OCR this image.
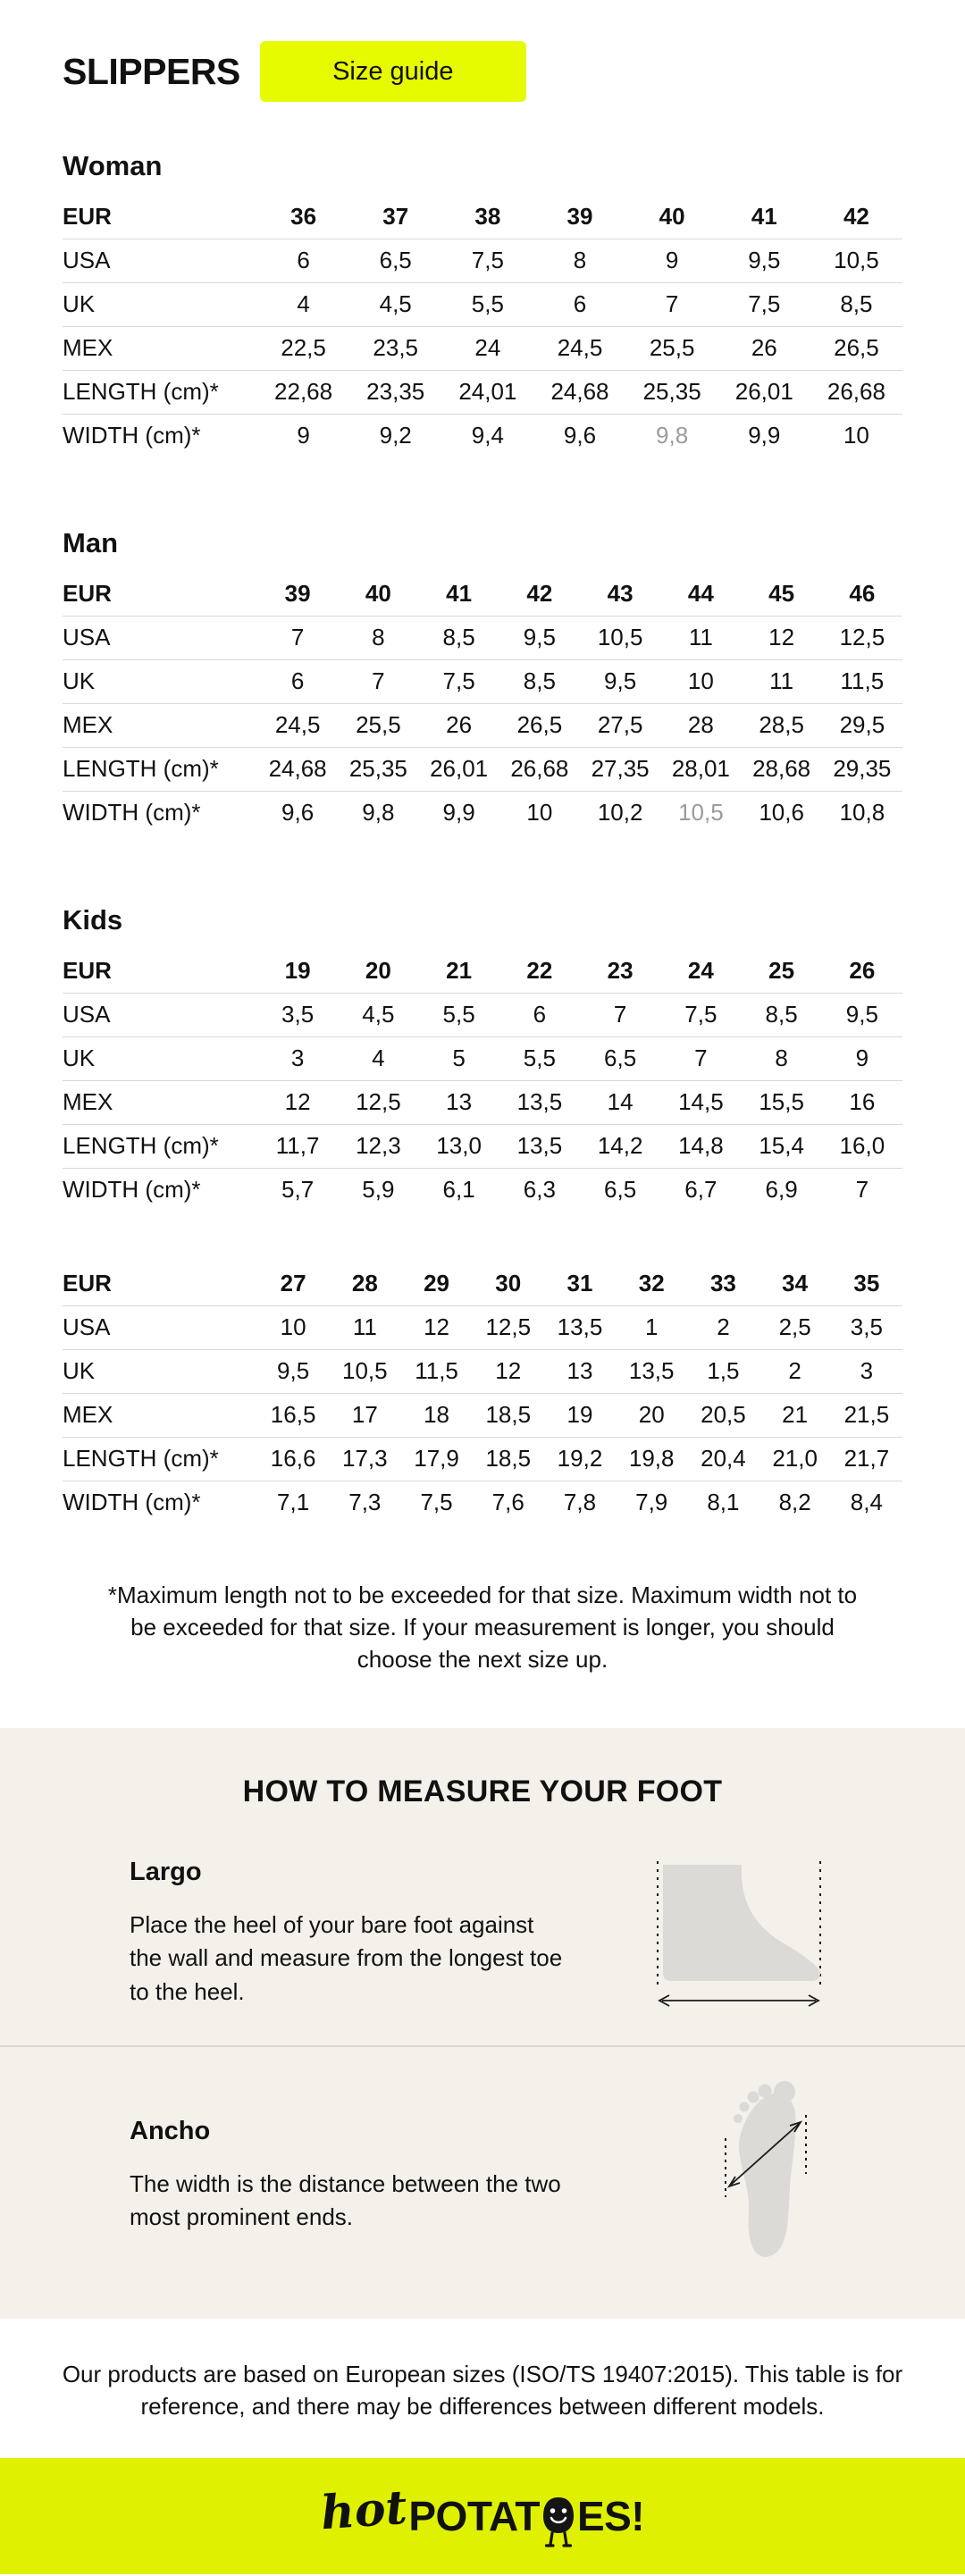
SLIPPERS	Size guide
Woman
EUR	36	37	38	39	40	41	42
USA	6	6,5	7,5	8	9	9,5	10,5
UK	4	4,5	5,5	6	7	7,5	8,5
MEX	22,5	23,5	24	24,5	25,5	26	26,5
LENGTH (cm)*	22,68	23,35	24,01	24,68	25,35	26,01	26,68
WIDTH (cm)*	9	9,2	9,4	9,6	9,8	9,9	10
Man
EUR	39	40	41	42	43	44	45	46
USA	7	8	8,5	9,5	10,5	11	12	12,5
UK	6	7	7,5	8,5	9,5	10	11	11,5
MEX	24,5	25,5	26	26,5	27,5	28	28,5	29,5
LENGTH (cm)*	24,68	25,35	26,01	26,68	27,35	28,01	28,68	29,35
WIDTH (cm)*	9,6	9,8	9,9	10	10,2	10,5	10,6	10,8
Kids
EUR	19	20	21	22	23	24	25	26
USA	3,5	4,5	5,5	6	7	7,5	8,5	9,5
UK	3	4	5	5,5	6,5	7	8	9
MEX	12	12,5	13	13,5	14	14,5	15,5	16
LENGTH (cm)*	11,7	12,3	13,0	13,5	14,2	14,8	15,4	16,0
WIDTH (cm)*	5,7	5,9	6,1	6,3	6,5	6,7	6,9	7
EUR	27	28	29	30	31	32	33	34	35
USA	10	11	12	12,5	13,5	1	2	2,5	3,5
UK	9,5	10,5	11,5	12	13	13,5	1,5	2	3
MEX	16,5	17	18	18,5	19	20	20,5	21	21,5
LENGTH (cm)*	16,6	17,3	17,9	18,5	19,2	19,8	20,4	21,0	21,7
WIDTH (cm)*	7,1	7,3	7,5	7,6	7,8	7,9	8,1	8,2	8,4

*Maximum length not to be exceeded for that size. Maximum width not to be exceeded for that size. If your measurement is longer, you should choose the next size up.

HOW TO MEASURE YOUR FOOT
Largo

Place the heel of your bare foot against the wall and measure from the longest toe to the heel.

Ancho

The width is the distance between the two most prominent ends.

Our products are based on European sizes (ISO/TS 19407:2015). This table is for reference, and there may be differences between different models.

hot POTAT ES!
